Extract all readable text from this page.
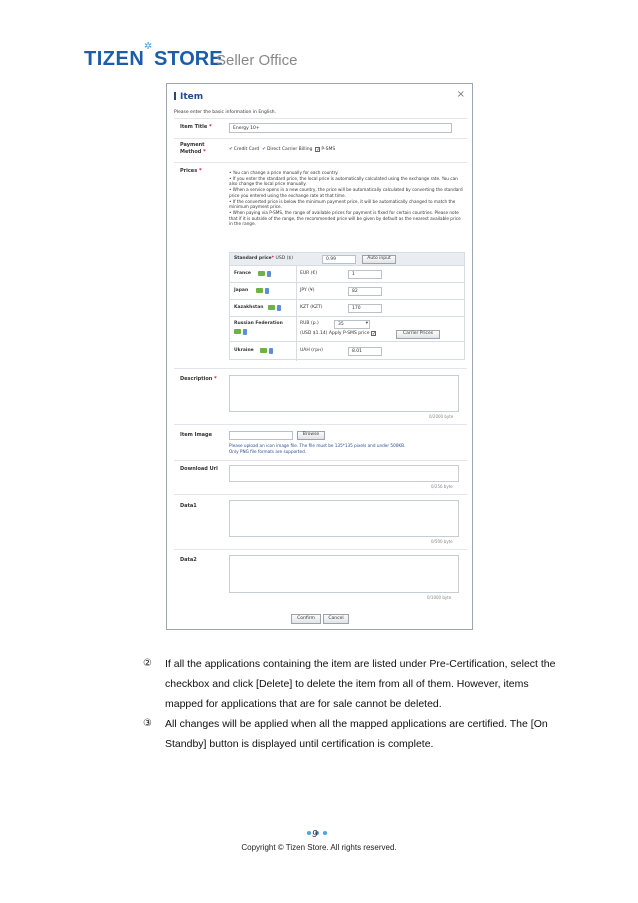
TIZEN
✲
STORE
Seller Office
Item	×
Please enter the basic information in English.
Item Title *	Energy 10+
Payment
Method *	✔Credit Card ✔Direct Carrier Billing ✓P-SMS
Prices *	• You can change a price manually for each country.
• If you enter the standard price, the local price is automatically calculated using the exchange rate. You can also change the local price manually.
• When a service opens in a new country, the price will be automatically calculated by converting the standard price you entered using the exchange rate at that time.
• If the converted price is below the minimum payment price, it will be automatically changed to match the minimum payment price.
• When paying via P-SMS, the range of available prices for payment is fixed for certain countries. Please note that if it is outside of the range, the recommended price will be given by default as the nearest available price in the range.
Standard price* USD ($)	0.99	Auto input
France	EUR (€)	1
Japan	JPY (¥)	82
Kazakhstan	KZT (KZT)	170
Russian Federation	RUB (p.)	35	▾
(USD $1.14) Apply P-SMS price ✓	Carrier Prices
Ukraine	UAH (грн)	8.01
Description *
0/2000 byte
Item Image	Browse
Please upload an icon image file. The file must be 135*135 pixels and under 500KB.
Only PNG file formats are supported.
Download Url
0/256 byte
Data1
0/500 byte
Data2
0/1000 byte
Confirm	Cancel
②	If all the applications containing the item are listed under Pre-Certification, select the checkbox and click [Delete] to delete the item from all of them. However, items mapped for applications that are for sale cannot be deleted.
③	All changes will be applied when all the mapped applications are certified. The [On Standby] button is displayed until certification is complete.
9
Copyright © Tizen Store. All rights reserved.
